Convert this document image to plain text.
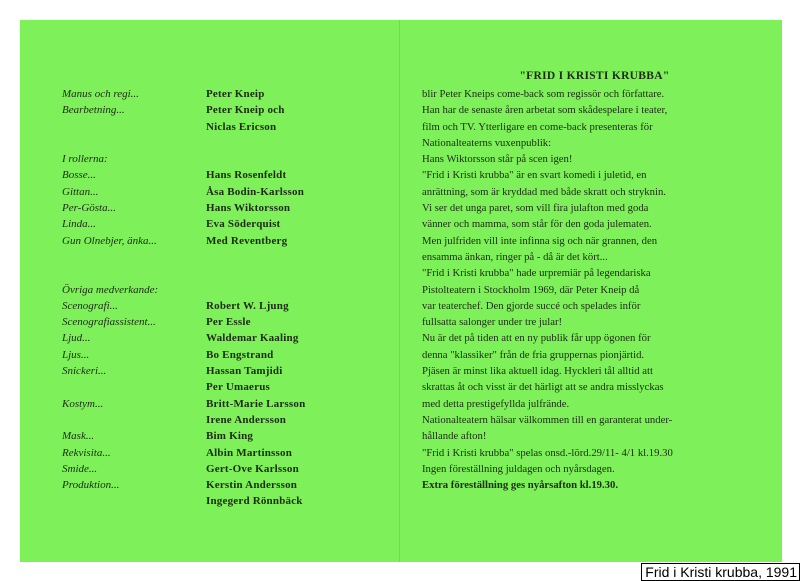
Manus och regi...	Peter Kneip
Bearbetning...	Peter Kneip och
Niclas Ericson
I rollerna:
Bosse...	Hans Rosenfeldt
Gittan...	Åsa Bodin-Karlsson
Per-Gösta...	Hans Wiktorsson
Linda...	Eva Söderquist
Gun Olnebjer, änka...	Med Reventberg
Övriga medverkande:
Scenografi...	Robert W. Ljung
Scenografiassistent...	Per Essle
Ljud...	Waldemar Kaaling
Ljus...	Bo Engstrand
Snickeri...	Hassan Tamjidi
Per Umaerus
Kostym...	Britt-Marie Larsson
Irene Andersson
Mask...	Bim King
Rekvisita...	Albin Martinsson
Smide...	Gert-Ove Karlsson
Produktion...	Kerstin Andersson
Ingegerd Rönnbäck
"FRID I KRISTI KRUBBA"
blir Peter Kneips come-back som regissör och författare.
Han har de senaste åren arbetat som skådespelare i teater,
film och TV. Ytterligare en come-back presenteras för
Nationalteaterns vuxenpublik:
Hans Wiktorsson står på scen igen!
"Frid i Kristi krubba" är en svart komedi i juletid, en
anrättning, som är kryddad med både skratt och stryknin.
Vi ser det unga paret, som vill fira julafton med goda
vänner och mamma, som står för den goda julematen.
Men julfriden vill inte infinna sig och när grannen, den
ensamma änkan, ringer på - då är det kört...
"Frid i Kristi krubba" hade urpremiär på legendariska
Pistolteatern i Stockholm 1969, där Peter Kneip då
var teaterchef. Den gjorde succé och spelades inför
fullsatta salonger under tre jular!
Nu är det på tiden att en ny publik får upp ögonen för
denna "klassiker" från de fria gruppernas pionjärtid.
Pjäsen är minst lika aktuell idag. Hyckleri tål alltid att
skrattas åt och visst är det härligt att se andra misslyckas
med detta prestigefyllda julfrände.
Nationalteatern hälsar välkommen till en garanterat under-
hållande afton!
"Frid i Kristi krubba" spelas onsd.-lörd.29/11- 4/1 kl.19.30
Ingen föreställning juldagen och nyårsdagen.
Extra föreställning ges nyårsafton kl.19.30.
Frid i Kristi krubba, 1991
